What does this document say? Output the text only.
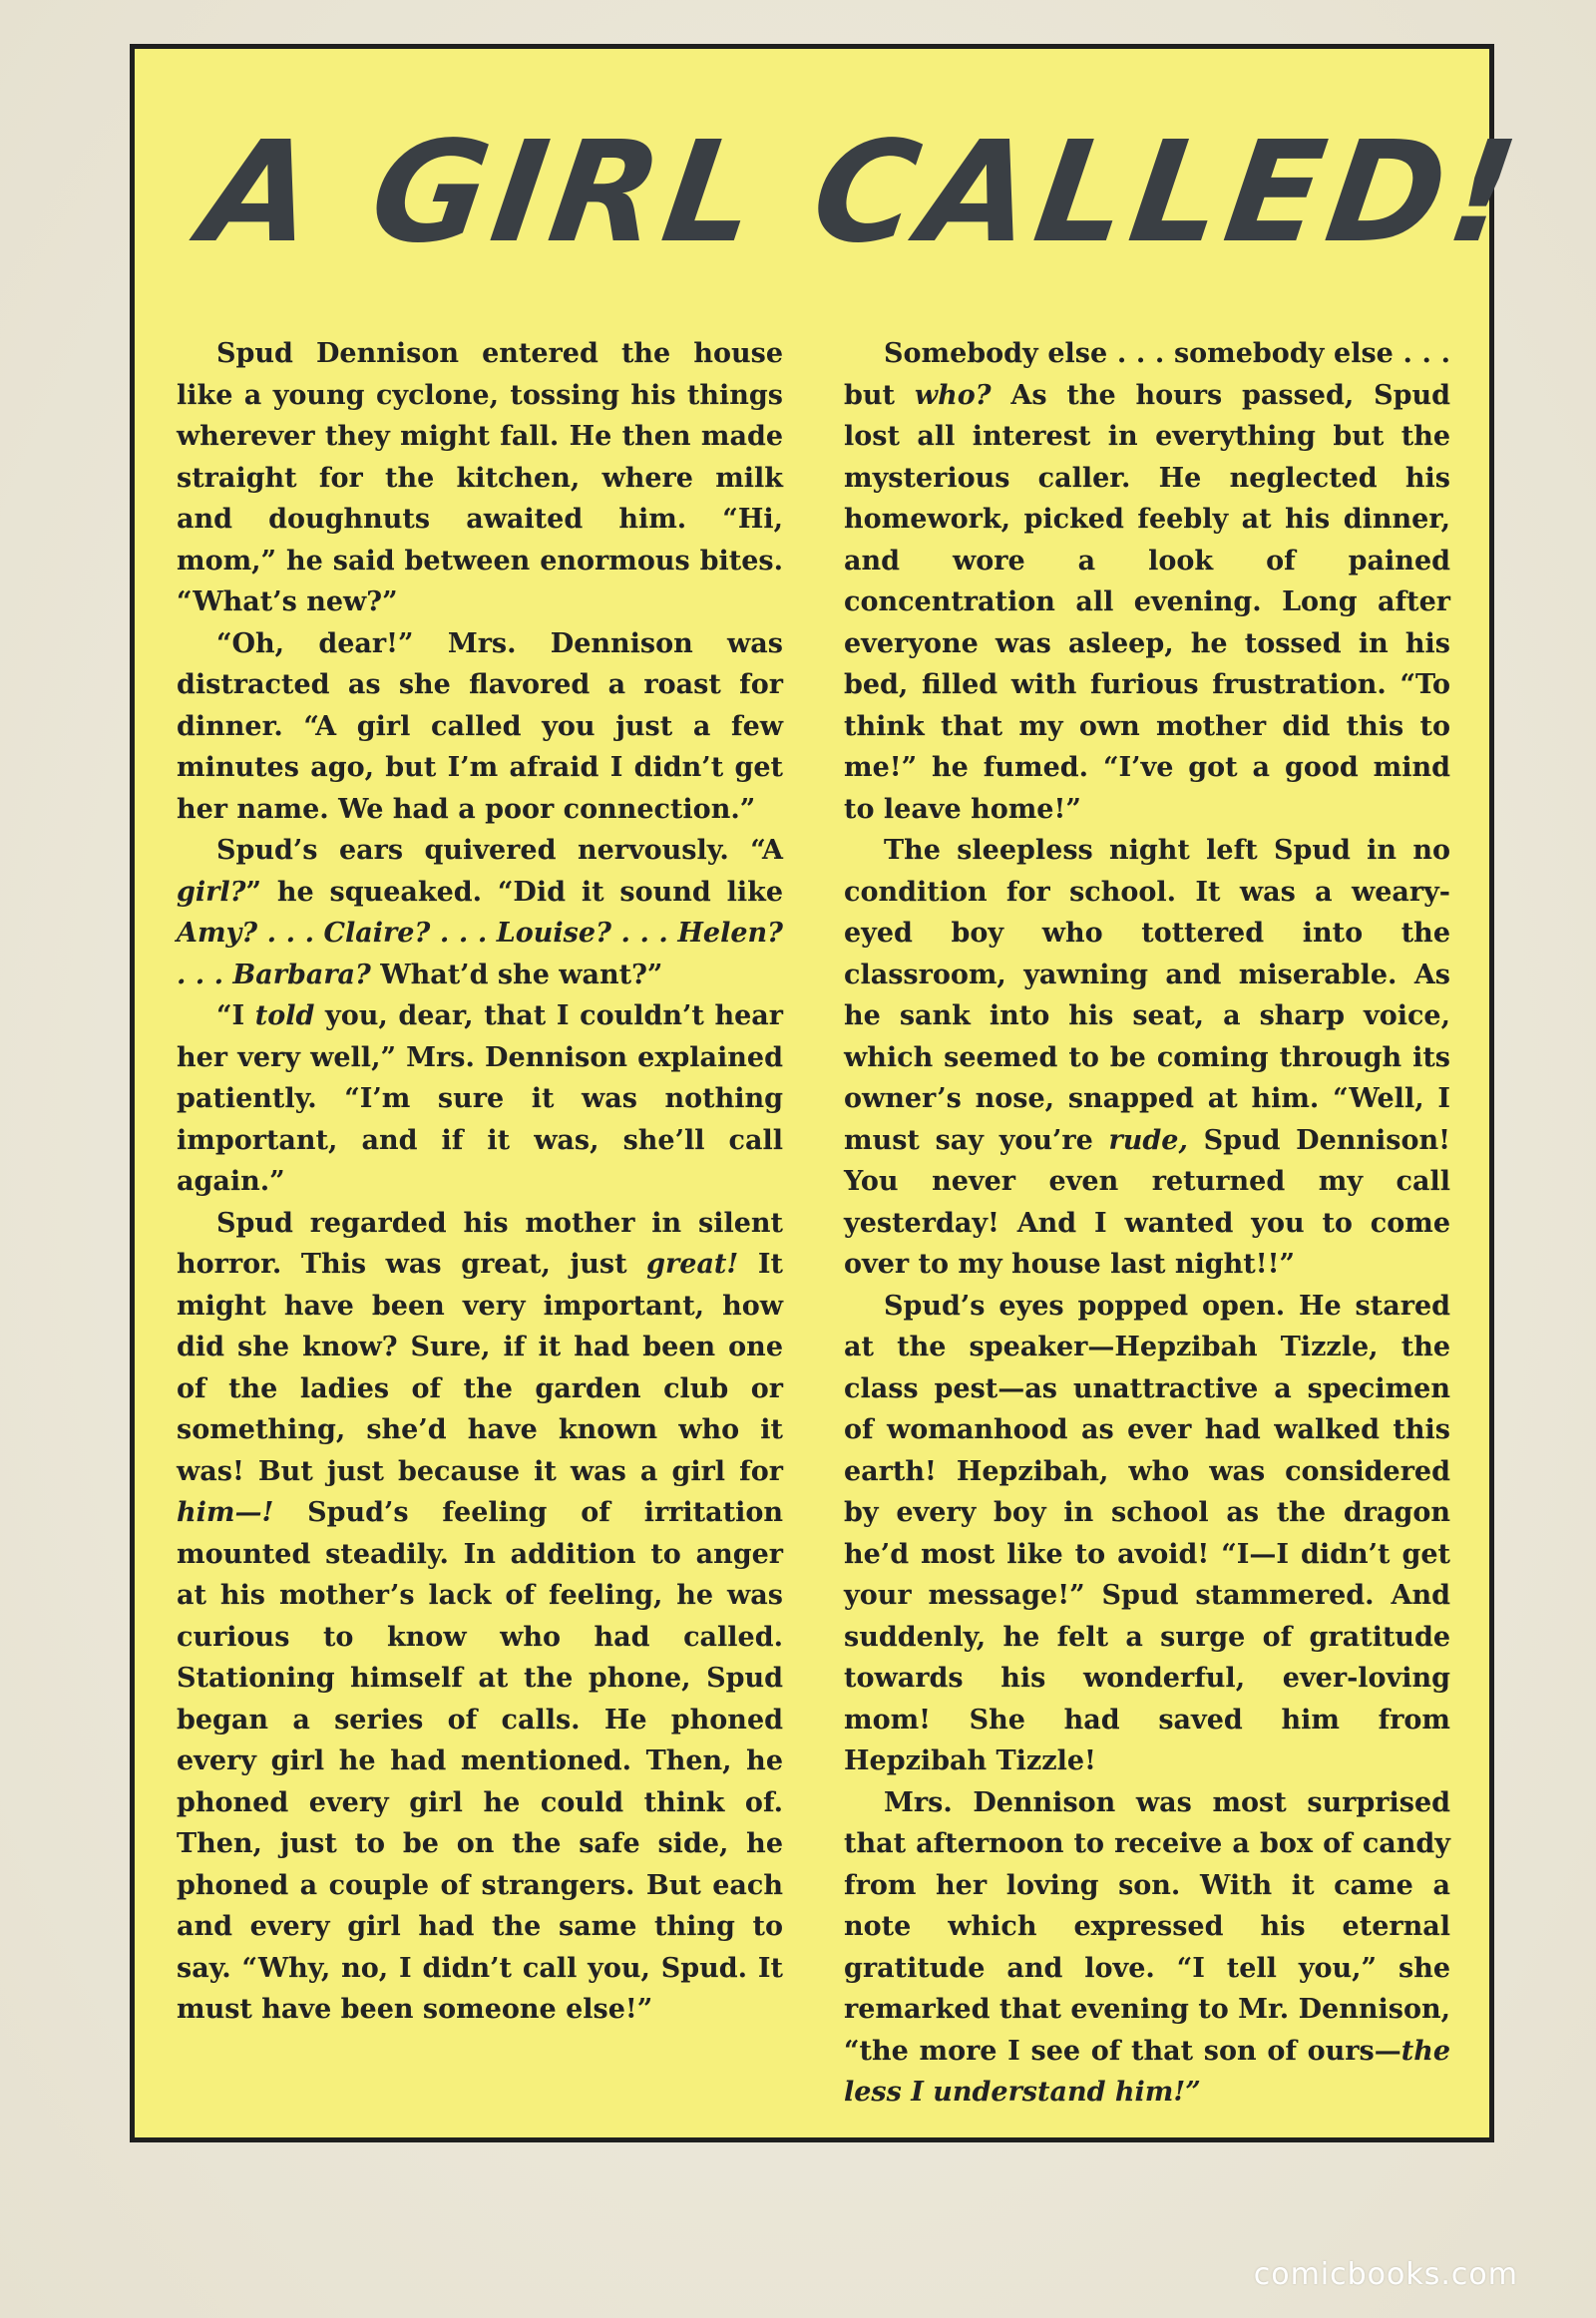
A GIRL CALLED!

Spud Dennison entered the house like a young cyclone, tossing his things wherever they might fall. He then made straight for the kitchen, where milk and doughnuts awaited him. “Hi, mom,” he said between enormous bites. “What’s new?”

“Oh, dear!” Mrs. Dennison was distracted as she flavored a roast for dinner. “A girl called you just a few minutes ago, but I’m afraid I didn’t get her name. We had a poor connection.”

Spud’s ears quivered nervously. “A girl?” he squeaked. “Did it sound like Amy? . . . Claire? . . . Louise? . . . Helen? . . . Barbara? What’d she want?”

“I told you, dear, that I couldn’t hear her very well,” Mrs. Dennison explained patiently. “I’m sure it was nothing important, and if it was, she’ll call again.”

Spud regarded his mother in silent horror. This was great, just great! It might have been very important, how did she know? Sure, if it had been one of the ladies of the garden club or something, she’d have known who it was! But just because it was a girl for him—! Spud’s feeling of irritation mounted steadily. In addition to anger at his mother’s lack of feeling, he was curious to know who had called. Stationing himself at the phone, Spud began a series of calls. He phoned every girl he had mentioned. Then, he phoned every girl he could think of. Then, just to be on the safe side, he phoned a couple of strangers. But each and every girl had the same thing to say. “Why, no, I didn’t call you, Spud. It must have been someone else!”

Somebody else . . . somebody else . . . but who? As the hours passed, Spud lost all interest in everything but the mysterious caller. He neglected his homework, picked feebly at his dinner, and wore a look of pained concentration all evening. Long after everyone was asleep, he tossed in his bed, filled with furious frustration. “To think that my own mother did this to me!” he fumed. “I’ve got a good mind to leave home!”

The sleepless night left Spud in no condition for school. It was a weary-eyed boy who tottered into the classroom, yawning and miserable. As he sank into his seat, a sharp voice, which seemed to be coming through its owner’s nose, snapped at him. “Well, I must say you’re rude, Spud Dennison! You never even returned my call yesterday! And I wanted you to come over to my house last night!!”

Spud’s eyes popped open. He stared at the speaker—Hepzibah Tizzle, the class pest—as unattractive a specimen of womanhood as ever had walked this earth! Hepzibah, who was considered by every boy in school as the dragon he’d most like to avoid! “I—I didn’t get your message!” Spud stammered. And suddenly, he felt a surge of gratitude towards his wonderful, ever-loving mom! She had saved him from Hepzibah Tizzle!

Mrs. Dennison was most surprised that afternoon to receive a box of candy from her loving son. With it came a note which expressed his eternal gratitude and love. “I tell you,” she remarked that evening to Mr. Dennison, “the more I see of that son of ours—the less I understand him!”

comicbooks.com
